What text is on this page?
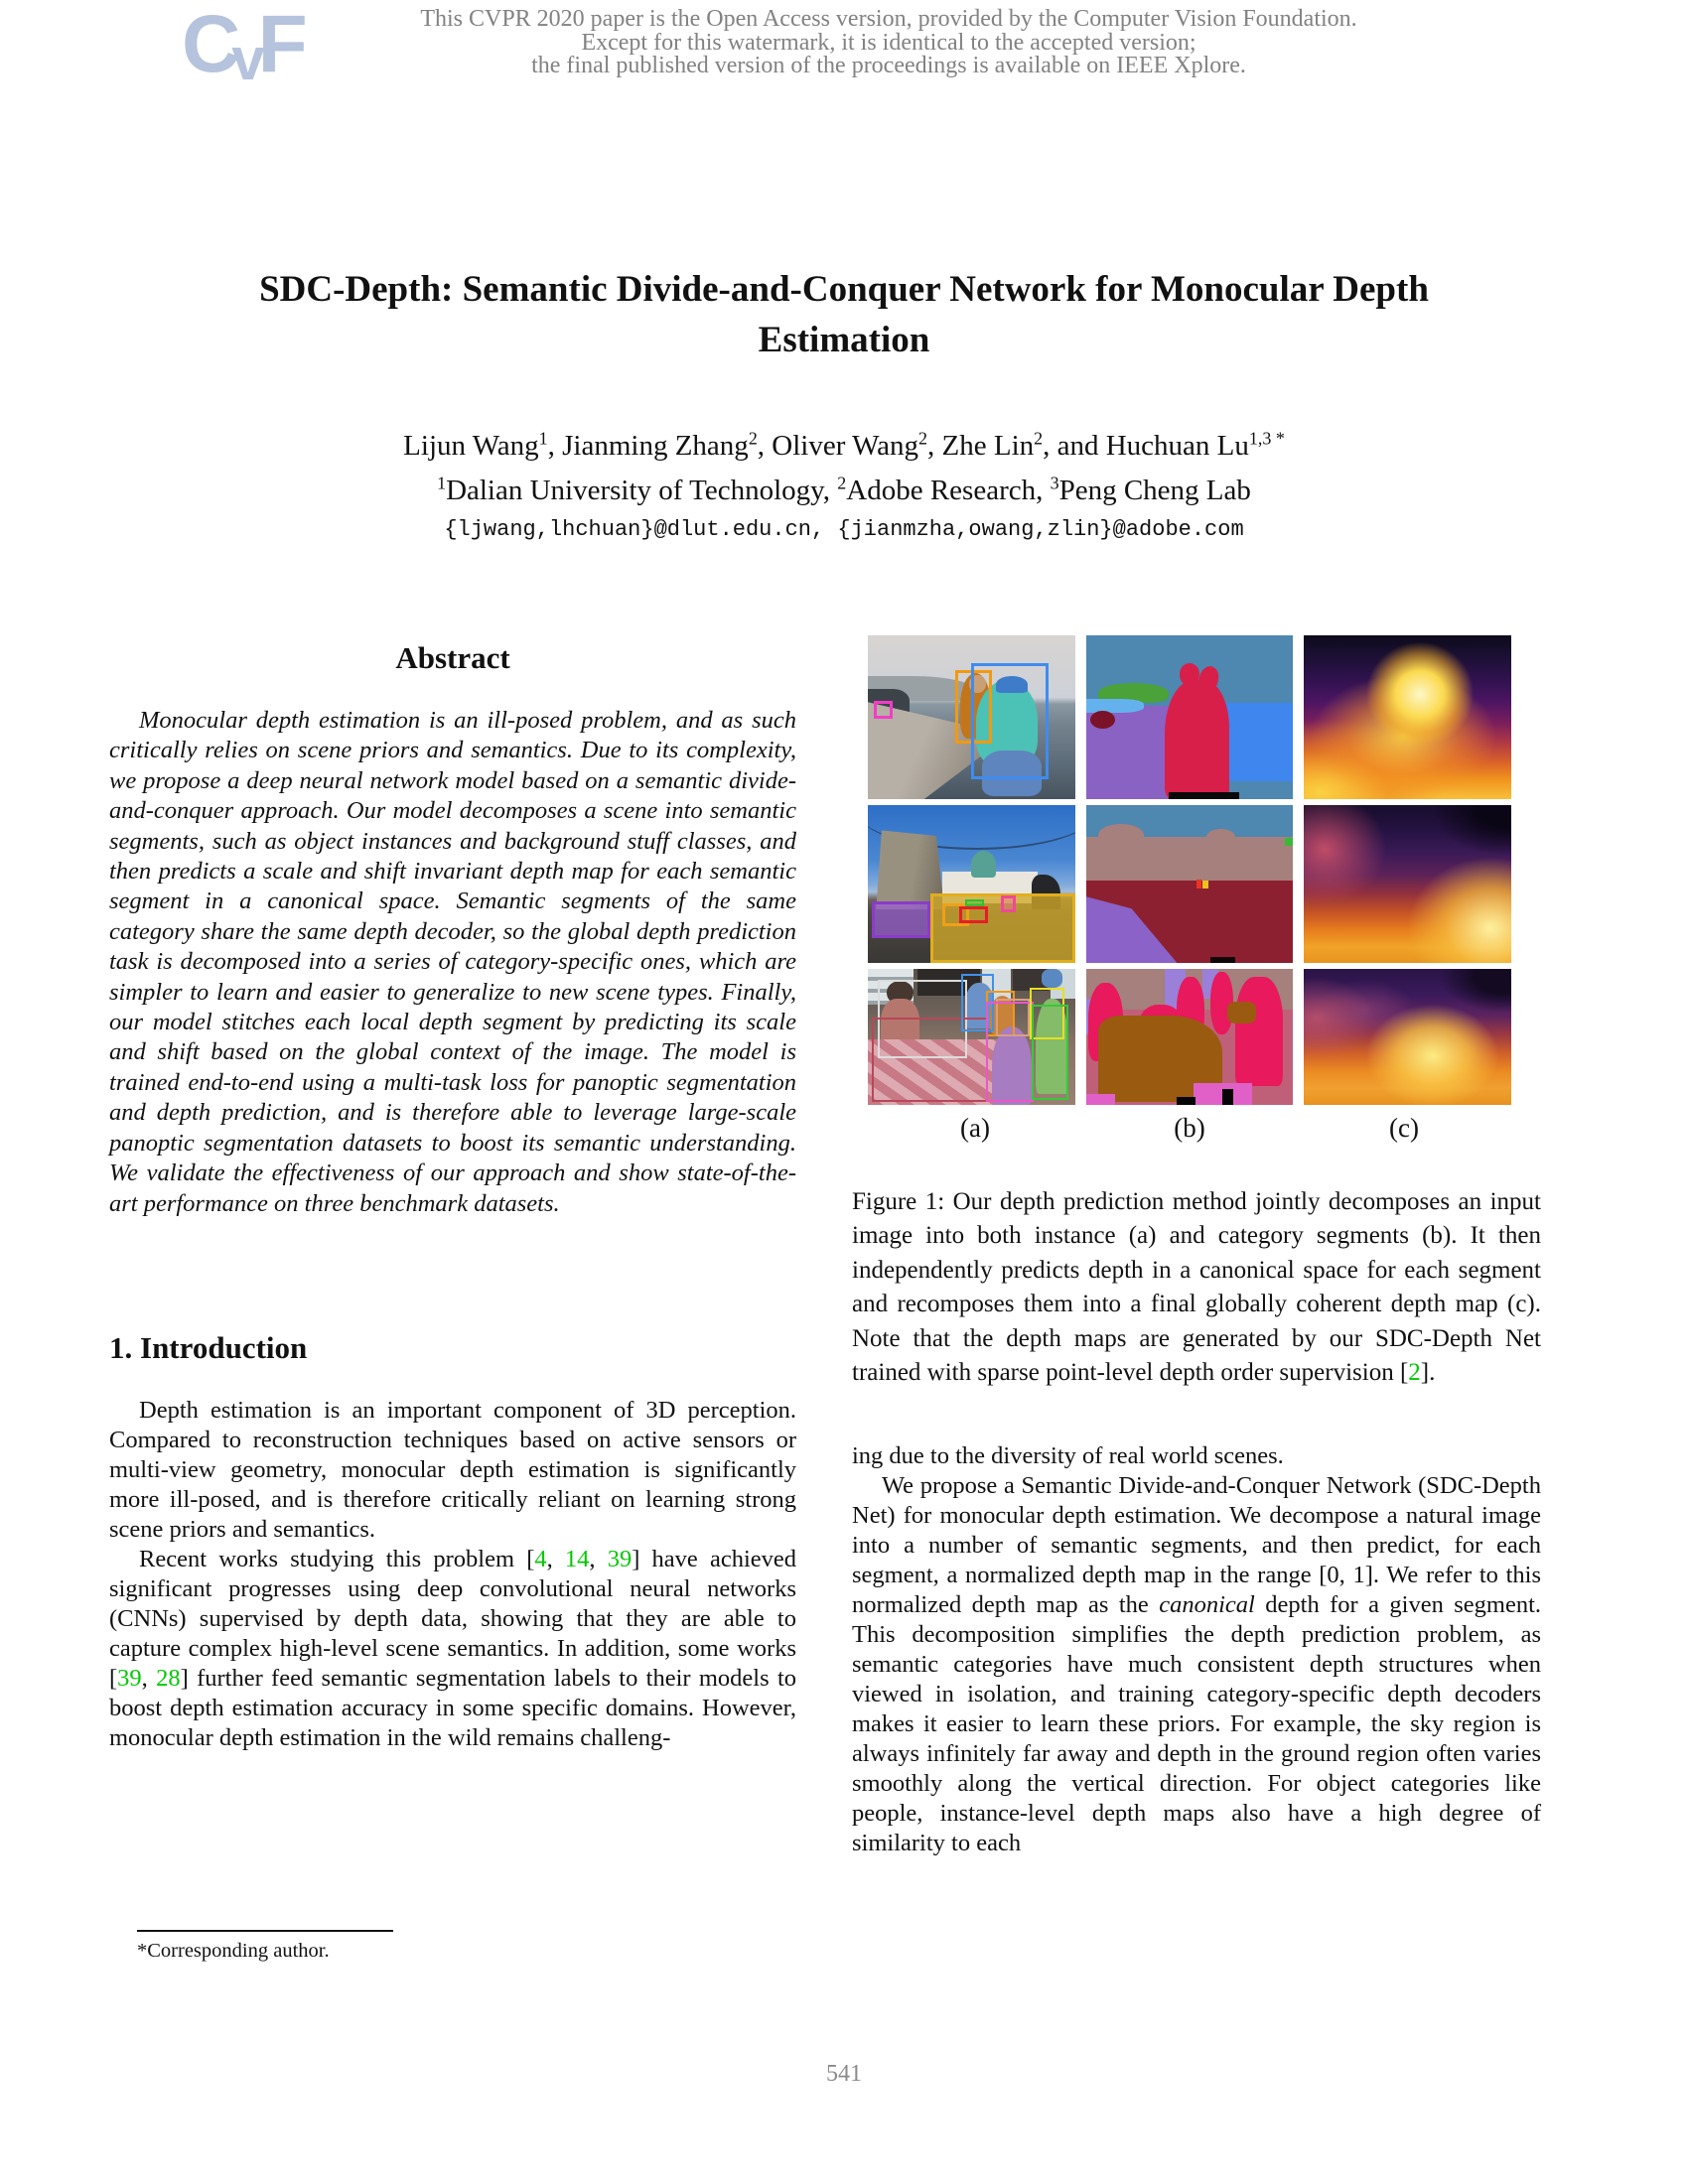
C
v
F	This CVPR 2020 paper is the Open Access version, provided by the Computer Vision Foundation.
Except for this watermark, it is identical to the accepted version;
the final published version of the proceedings is available on IEEE Xplore.
SDC-Depth: Semantic Divide-and-Conquer Network for Monocular Depth Estimation
Lijun Wang$^1$, Jianming Zhang$^2$, Oliver Wang$^2$, Zhe Lin$^2$, and Huchuan $Lu^{1,3 *}$
$^1$Dalian University of Technology, $^2$Adobe Research, $^3$Peng Cheng Lab
{ljwang,lhchuan}@dlut.edu.cn, {jianmzha,owang,zlin}@adobe.com
Abstract

Monocular depth estimation is an ill-posed problem, and as such critically relies on scene priors and semantics. Due to its complexity, we propose a deep neural network model based on a semantic divide-and-conquer approach. Our model decomposes a scene into semantic segments, such as object instances and background stuff classes, and then predicts a scale and shift invariant depth map for each semantic segment in a canonical space. Semantic segments of the same category share the same depth decoder, so the global depth prediction task is decomposed into a series of category-specific ones, which are simpler to learn and easier to generalize to new scene types. Finally, our model stitches each local depth segment by predicting its scale and shift based on the global context of the image. The model is trained end-to-end using a multi-task loss for panoptic segmentation and depth prediction, and is therefore able to leverage large-scale panoptic segmentation datasets to boost its semantic understanding. We validate the effectiveness of our approach and show state-of-the-art performance on three benchmark datasets.

1. Introduction

Depth estimation is an important component of 3D perception. Compared to reconstruction techniques based on active sensors or multi-view geometry, monocular depth estimation is significantly more ill-posed, and is therefore critically reliant on learning strong scene priors and semantics.

Recent works studying this problem [4, 14, 39] have achieved significant progresses using deep convolutional neural networks (CNNs) supervised by depth data, showing that they are able to capture complex high-level scene semantics. In addition, some works [39, 28] further feed semantic segmentation labels to their models to boost depth estimation accuracy in some specific domains. However, monocular depth estimation in the wild remains challeng-

(a)	(b)	(c)
Figure 1: Our depth prediction method jointly decomposes an input image into both instance (a) and category segments (b). It then independently predicts depth in a canonical space for each segment and recomposes them into a final globally coherent depth map (c). Note that the depth maps are generated by our SDC-Depth Net trained with sparse point-level depth order supervision [2].

ing due to the diversity of real world scenes.

We propose a Semantic Divide-and-Conquer Network (SDC-Depth Net) for monocular depth estimation. We decompose a natural image into a number of semantic segments, and then predict, for each segment, a normalized depth map in the range [0, 1]. We refer to this normalized depth map as the canonical depth for a given segment. This decomposition simplifies the depth prediction problem, as semantic categories have much consistent depth structures when viewed in isolation, and training category-specific depth decoders makes it easier to learn these priors. For example, the sky region is always infinitely far away and depth in the ground region often varies smoothly along the vertical direction. For object categories like people, instance-level depth maps also have a high degree of similarity to each

*Corresponding author.
541
